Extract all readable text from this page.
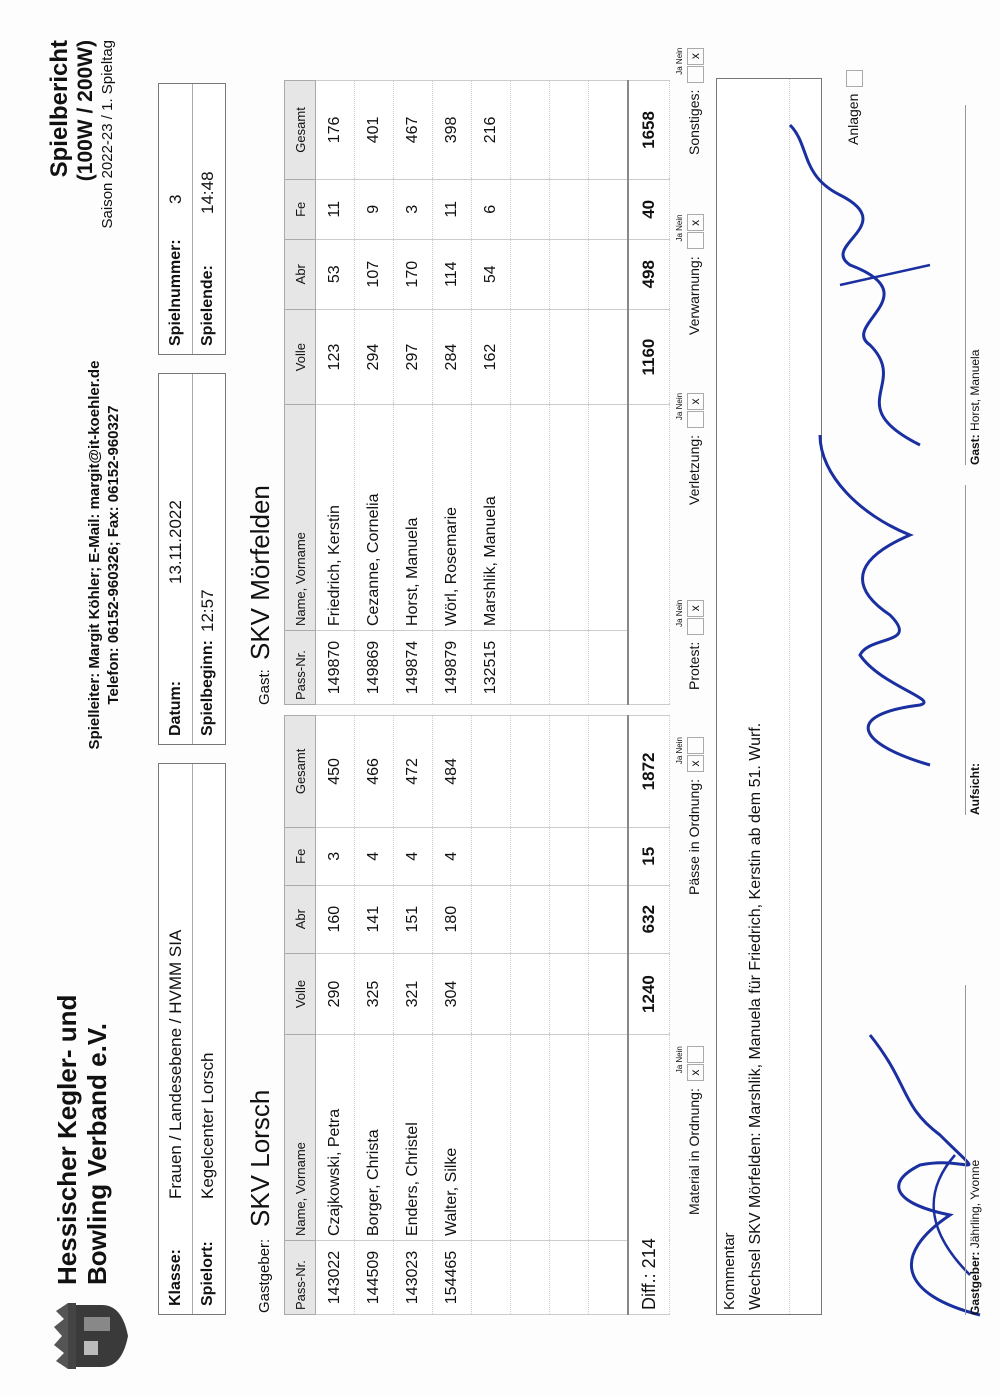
Hessischer Kegler- und
Bowling Verband e.V.
Spielleiter: Margit Köhler; E-Mail: margit@it-koehler.de Telefon: 06152-960326; Fax: 06152-960327
Spielbericht (100W / 200W) Saison 2022-23 / 1. Spieltag
Klasse:
Frauen / Landesebene / HVMM SIA
Spielort:
Kegelcenter Lorsch
Datum:
13.11.2022
Spielbeginn:
12:57
Spielnummer:
3
Spielende:
14:48
Gastgeber:
SKV Lorsch
Gast:
SKV Mörfelden
Pass-Nr.	Name, Vorname	Volle	Abr	Fe	Gesamt
143022	Czajkowski, Petra	290	160	3	450
144509	Borger, Christa	325	141	4	466
143023	Enders, Christel	321	151	4	472
154465	Walter, Silke	304	180	4	484

Diff.: 214		1240	632	15	1872
Pass-Nr.	Name, Vorname	Volle	Abr	Fe	Gesamt
149870	Friedrich, Kerstin	123	53	11	176
149869	Cezanne, Cornelia	294	107	9	401
149874	Horst, Manuela	297	170	3	467
149879	Wörl, Rosemarie	284	114	11	398
132515	Marshlik, Manuela	162	54	6	216

		1160	498	40	1658
Material in Ordnung:x
Ja Nein
Pässe in Ordnung:x
Ja Nein
Protest:x
Ja Nein
Verletzung:x
Ja Nein
Verwarnung:x
Ja Nein
Sonstiges:x
Ja Nein
Kommentar Wechsel SKV Mörfelden: Marshlik, Manuela für Friedrich, Kerstin ab dem 51. Wurf.	Gastgeber: Jährling, Yvonne
Aufsicht:
Gast: Horst, Manuela
Anlagen
